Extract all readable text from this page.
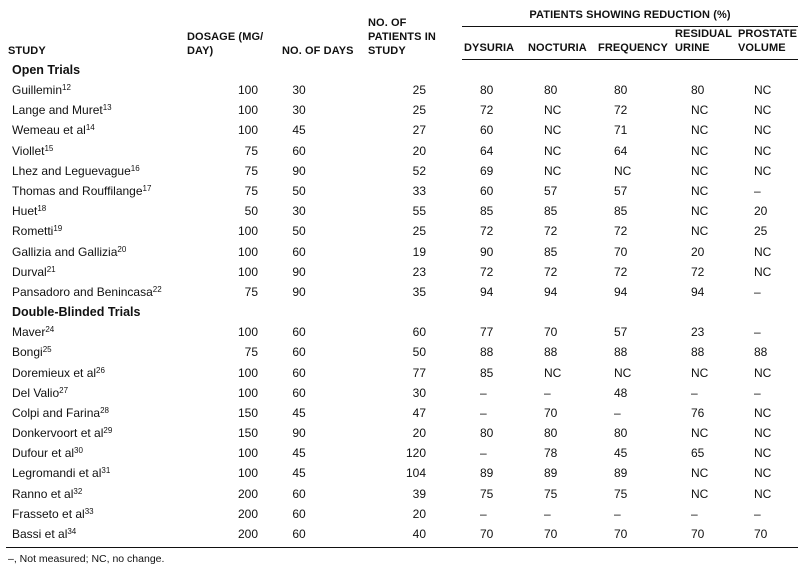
STUDY	DOSAGE (MG/ DAY)	NO. OF DAYS	NO. OF PATIENTS IN STUDY	PATIENTS SHOWING REDUCTION (%)				
				DYSURIA	NOCTURIA	FREQUENCY	RESIDUAL URINE	PROSTATE VOLUME
Open Trials								
Guillemin$^{12}$	100	30	25	80	80	80	80	NC
Lange and Muret$^{13}$	100	30	25	72	NC	72	NC	NC
Wemeau et $al^{14}$	100	45	27	60	NC	71	NC	NC
Viollet$^{15}$	75	60	20	64	NC	64	NC	NC
Lhez and Leguevague$^{16}$	75	90	52	69	NC	NC	NC	NC
Thomas and Rouffilange$^{17}$	75	50	33	60	57	57	NC	–
Huet$^{18}$	50	30	55	85	85	85	NC	20
Rometti$^{19}$	100	50	25	72	72	72	NC	25
Gallizia and Gallizia$^{20}$	100	60	19	90	85	70	20	NC
Durval$^{21}$	100	90	23	72	72	72	72	NC
Pansadoro and Benincasa$^{22}$	75	90	35	94	94	94	94	–
Double-Blinded Trials								
Maver$^{24}$	100	60	60	77	70	57	23	–
Bongi$^{25}$	75	60	50	88	88	88	88	88
Doremieux et $al^{26}$	100	60	77	85	NC	NC	NC	NC
Del Valio$^{27}$	100	60	30	–	–	48	–	–
Colpi and Farina$^{28}$	150	45	47	–	70	–	76	NC
Donkervoort et $al^{29}$	150	90	20	80	80	80	NC	NC
Dufour et $al^{30}$	100	45	120	–	78	45	65	NC
Legromandi et $al^{31}$	100	45	104	89	89	89	NC	NC
Ranno et $al^{32}$	200	60	39	75	75	75	NC	NC
Frasseto et $al^{33}$	200	60	20	–	–	–	–	–
Bassi et $al^{34}$	200	60	40	70	70	70	70	70
–, Not measured; NC, no change.
